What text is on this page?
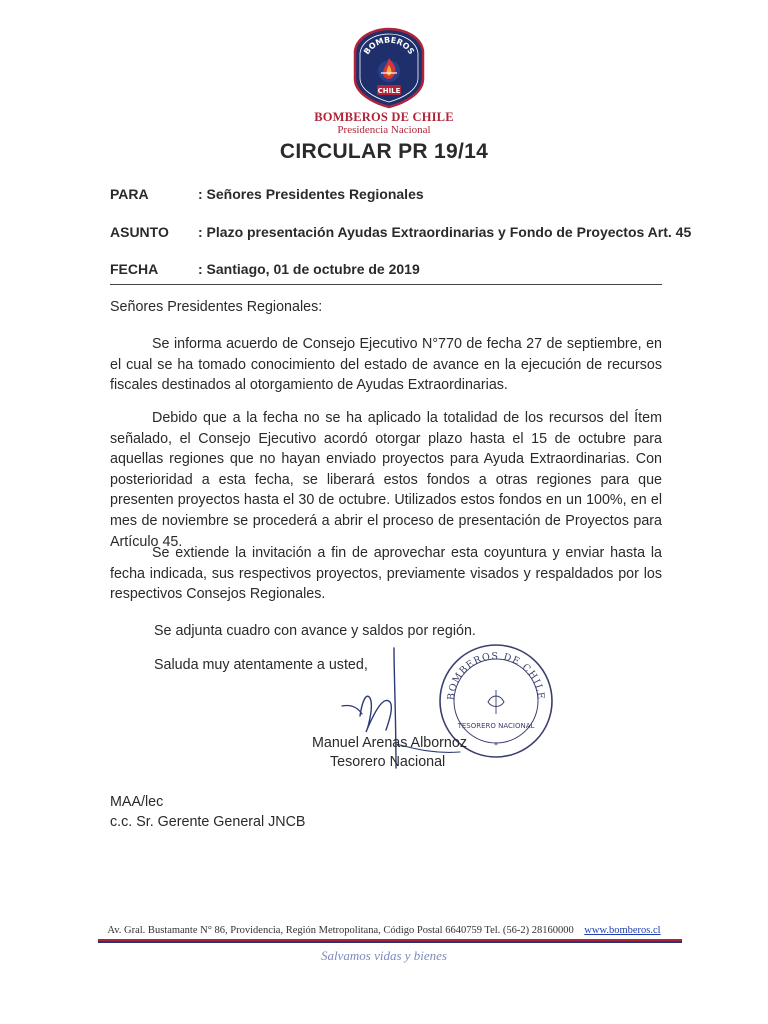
BOMBEROS
CHILE
BOMBEROS DE CHILE
Presidencia Nacional
CIRCULAR PR 19/14
PARA	: Señores Presidentes Regionales
ASUNTO : Plazo presentación Ayudas Extraordinarias y Fondo de Proyectos Art. 45
FECHA	: Santiago, 01 de octubre de 2019
Señores Presidentes Regionales:
Se informa acuerdo de Consejo Ejecutivo N°770 de fecha 27 de septiembre, en el cual se ha tomado conocimiento del estado de avance en la ejecución de recursos fiscales destinados al otorgamiento de Ayudas Extraordinarias.
Debido que a la fecha no se ha aplicado la totalidad de los recursos del Ítem señalado, el Consejo Ejecutivo acordó otorgar plazo hasta el 15 de octubre para aquellas regiones que no hayan enviado proyectos para Ayuda Extraordinarias. Con posterioridad a esta fecha, se liberará estos fondos a otras regiones para que presenten proyectos hasta el 30 de octubre. Utilizados estos fondos en un 100%, en el mes de noviembre se procederá a abrir el proceso de presentación de Proyectos para Artículo 45.
Se extiende la invitación a fin de aprovechar esta coyuntura y enviar hasta la fecha indicada, sus respectivos proyectos, previamente visados y respaldados por los respectivos Consejos Regionales.
Se adjunta cuadro con avance y saldos por región.
Saluda muy atentamente a usted,
BOMBEROS DE CHILE
TESORERO NACIONAL
*
Manuel Arenas Albornoz
Tesorero Nacional
MAA/lec
c.c. Sr. Gerente General JNCB
Av. Gral. Bustamante N° 86, Providencia, Región Metropolitana, Código Postal 6640759 Tel. (56-2) 28160000 www.bomberos.cl
Salvamos vidas y bienes
